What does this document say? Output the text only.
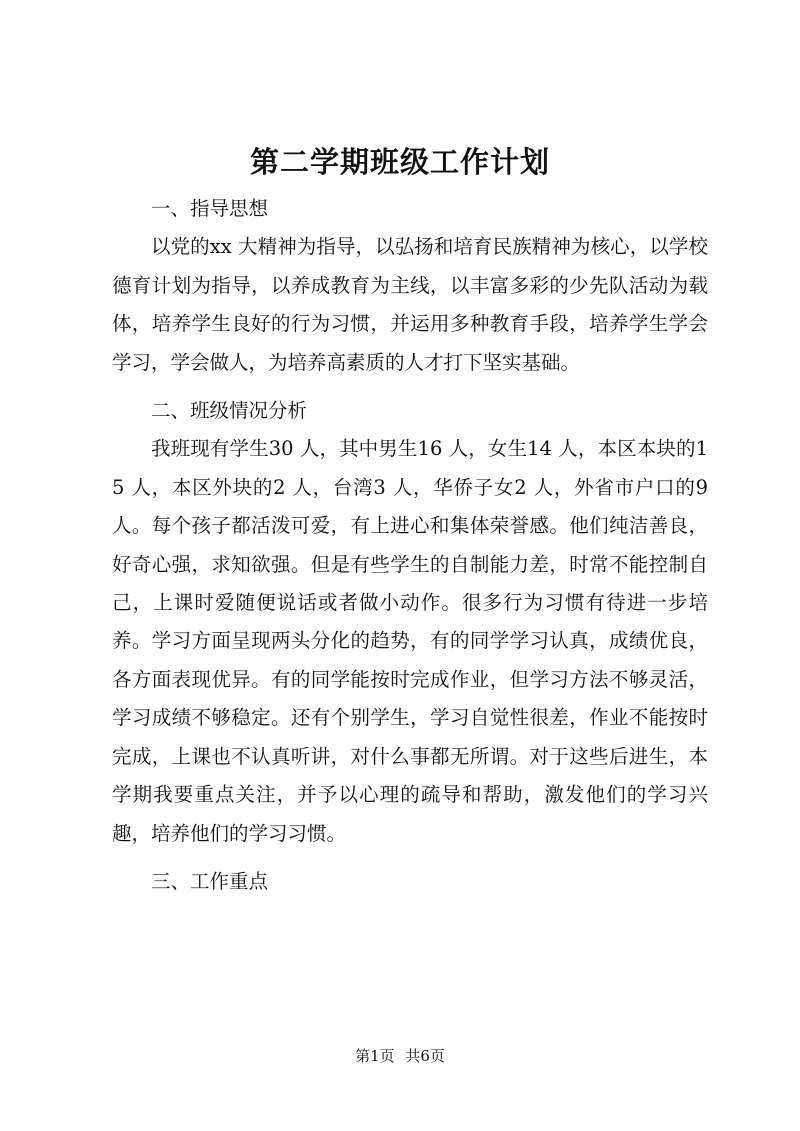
第二学期班级工作计划

一、指导思想

以党的xx 大精神为指导，以弘扬和培育民族精神为核心，以学校德育计划为指导，以养成教育为主线，以丰富多彩的少先队活动为载体，培养学生良好的行为习惯，并运用多种教育手段，培养学生学会学习，学会做人，为培养高素质的人才打下坚实基础。

二、班级情况分析

我班现有学生30 人，其中男生16 人，女生14 人，本区本块的15 人，本区外块的2 人，台湾3 人，华侨子女2 人，外省市户口的9 人。每个孩子都活泼可爱，有上进心和集体荣誉感。他们纯洁善良，好奇心强，求知欲强。但是有些学生的自制能力差，时常不能控制自己，上课时爱随便说话或者做小动作。很多行为习惯有待进一步培养。学习方面呈现两头分化的趋势，有的同学学习认真，成绩优良，各方面表现优异。有的同学能按时完成作业，但学习方法不够灵活，学习成绩不够稳定。还有个别学生，学习自觉性很差，作业不能按时完成，上课也不认真听讲，对什么事都无所谓。对于这些后进生，本学期我要重点关注，并予以心理的疏导和帮助，激发他们的学习兴趣，培养他们的学习习惯。

三、工作重点

第1页 共6页
